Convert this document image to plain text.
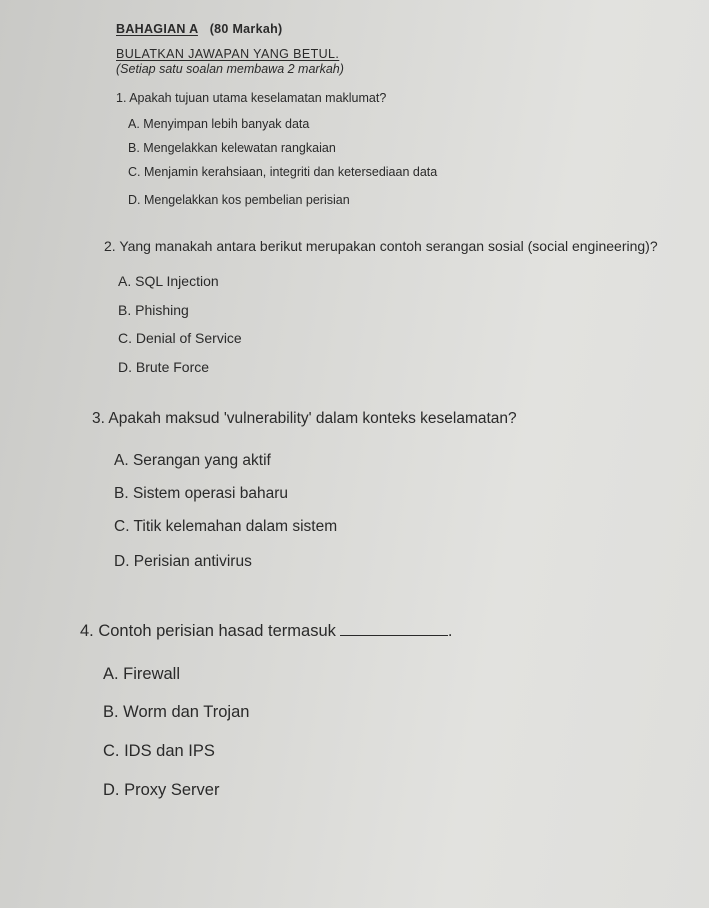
BAHAGIAN A (80 Markah)
BULATKAN JAWAPAN YANG BETUL.
(Setiap satu soalan membawa 2 markah)
1. Apakah tujuan utama keselamatan maklumat?
A. Menyimpan lebih banyak data
B. Mengelakkan kelewatan rangkaian
C. Menjamin kerahsiaan, integriti dan ketersediaan data
D. Mengelakkan kos pembelian perisian
2. Yang manakah antara berikut merupakan contoh serangan sosial (social engineering)?
A. SQL Injection
B. Phishing
C. Denial of Service
D. Brute Force
3. Apakah maksud 'vulnerability' dalam konteks keselamatan?
A. Serangan yang aktif
B. Sistem operasi baharu
C. Titik kelemahan dalam sistem
D. Perisian antivirus
4. Contoh perisian hasad termasuk	.
A. Firewall
B. Worm dan Trojan
C. IDS dan IPS
D. Proxy Server
